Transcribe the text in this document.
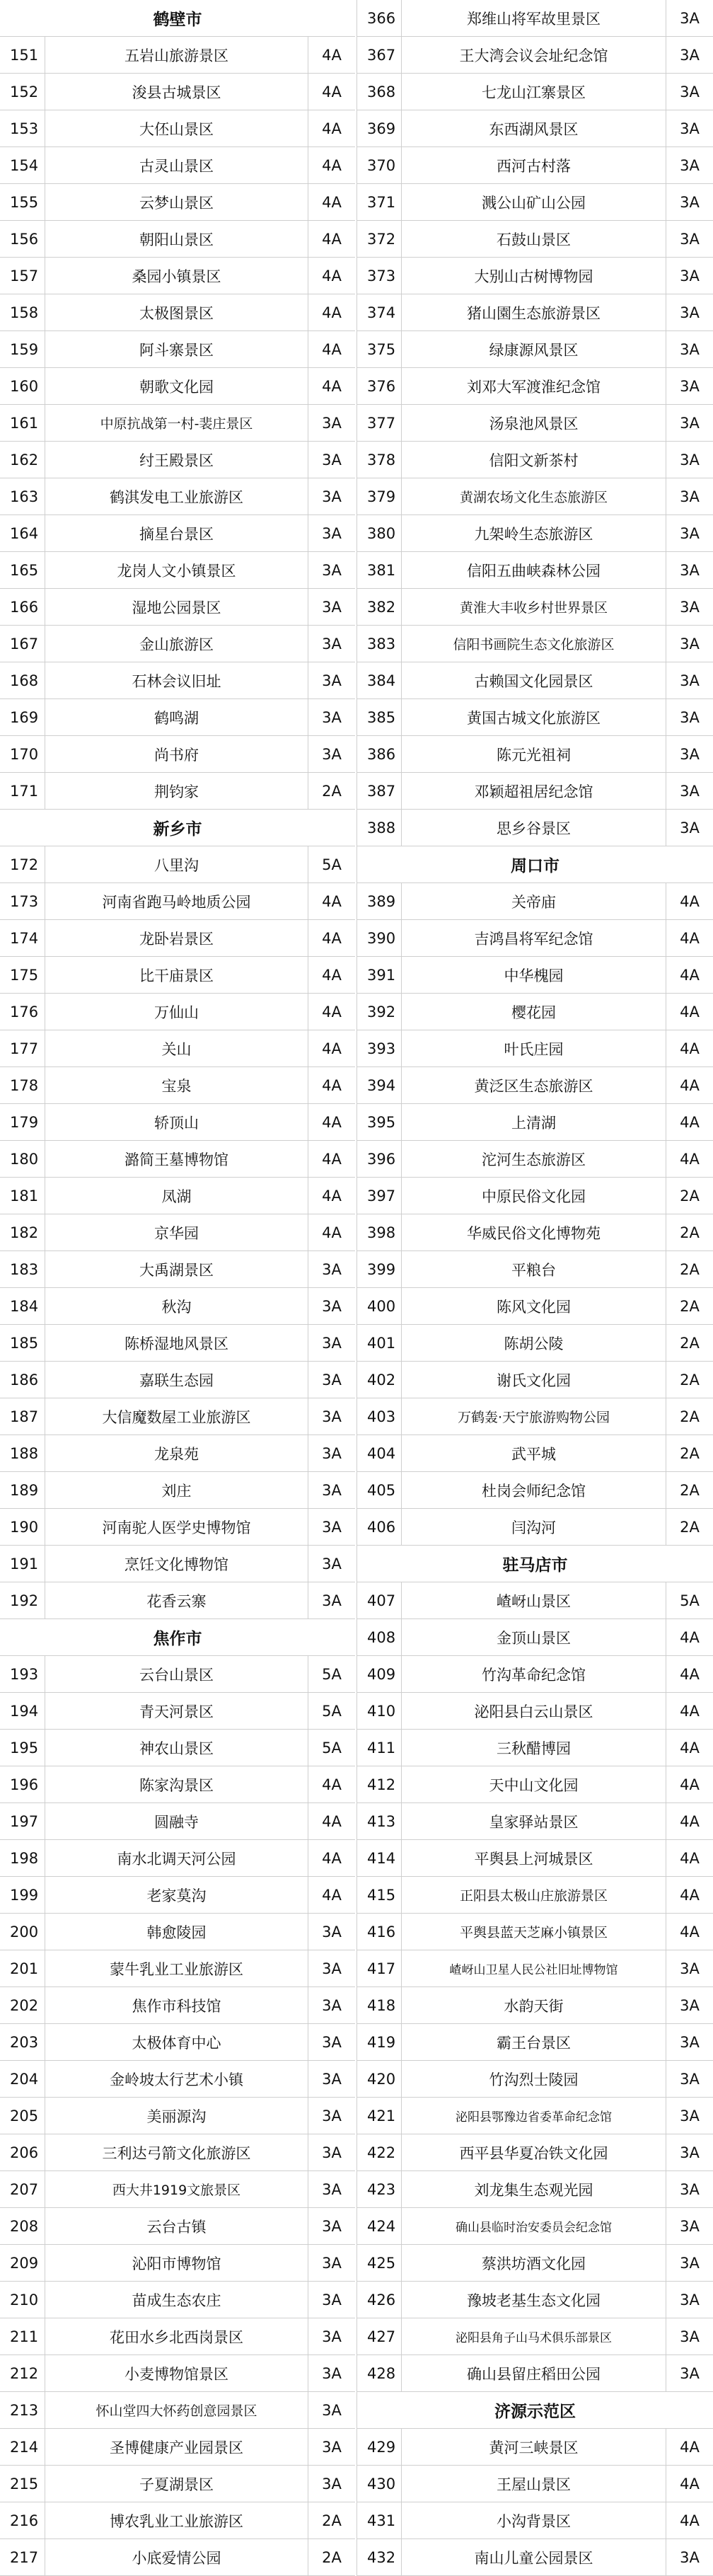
鹤壁市
151	五岩山旅游景区	4A
152	浚县古城景区	4A
153	大伾山景区	4A
154	古灵山景区	4A
155	云梦山景区	4A
156	朝阳山景区	4A
157	桑园小镇景区	4A
158	太极图景区	4A
159	阿斗寨景区	4A
160	朝歌文化园	4A
161	中原抗战第一村-裴庄景区	3A
162	纣王殿景区	3A
163	鹤淇发电工业旅游区	3A
164	摘星台景区	3A
165	龙岗人文小镇景区	3A
166	湿地公园景区	3A
167	金山旅游区	3A
168	石林会议旧址	3A
169	鹤鸣湖	3A
170	尚书府	3A
171	荆钧家	2A
新乡市
172	八里沟	5A
173	河南省跑马岭地质公园	4A
174	龙卧岩景区	4A
175	比干庙景区	4A
176	万仙山	4A
177	关山	4A
178	宝泉	4A
179	轿顶山	4A
180	潞简王墓博物馆	4A
181	凤湖	4A
182	京华园	4A
183	大禹湖景区	3A
184	秋沟	3A
185	陈桥湿地风景区	3A
186	嘉联生态园	3A
187	大信魔数屋工业旅游区	3A
188	龙泉苑	3A
189	刘庄	3A
190	河南驼人医学史博物馆	3A
191	烹饪文化博物馆	3A
192	花香云寨	3A
焦作市
193	云台山景区	5A
194	青天河景区	5A
195	神农山景区	5A
196	陈家沟景区	4A
197	圆融寺	4A
198	南水北调天河公园	4A
199	老家莫沟	4A
200	韩愈陵园	3A
201	蒙牛乳业工业旅游区	3A
202	焦作市科技馆	3A
203	太极体育中心	3A
204	金岭坡太行艺术小镇	3A
205	美丽源沟	3A
206	三利达弓箭文化旅游区	3A
207	西大井1919文旅景区	3A
208	云台古镇	3A
209	沁阳市博物馆	3A
210	苗成生态农庄	3A
211	花田水乡北西岗景区	3A
212	小麦博物馆景区	3A
213	怀山堂四大怀药创意园景区	3A
214	圣博健康产业园景区	3A
215	子夏湖景区	3A
216	博农乳业工业旅游区	2A
217	小底爱情公园	2A
366	郑维山将军故里景区	3A
367	王大湾会议会址纪念馆	3A
368	七龙山江寨景区	3A
369	东西湖风景区	3A
370	西河古村落	3A
371	溅公山矿山公园	3A
372	石鼓山景区	3A
373	大别山古树博物园	3A
374	猪山園生态旅游景区	3A
375	绿康源风景区	3A
376	刘邓大军渡淮纪念馆	3A
377	汤泉池风景区	3A
378	信阳文新茶村	3A
379	黄湖农场文化生态旅游区	3A
380	九架岭生态旅游区	3A
381	信阳五曲峡森林公园	3A
382	黄淮大丰收乡村世界景区	3A
383	信阳书画院生态文化旅游区	3A
384	古赖国文化园景区	3A
385	黄国古城文化旅游区	3A
386	陈元光祖祠	3A
387	邓颖超祖居纪念馆	3A
388	思乡谷景区	3A
周口市
389	关帝庙	4A
390	吉鸿昌将军纪念馆	4A
391	中华槐园	4A
392	樱花园	4A
393	叶氏庄园	4A
394	黄泛区生态旅游区	4A
395	上清湖	4A
396	沱河生态旅游区	4A
397	中原民俗文化园	2A
398	华威民俗文化博物苑	2A
399	平粮台	2A
400	陈风文化园	2A
401	陈胡公陵	2A
402	谢氏文化园	2A
403	万鹤轰·天宁旅游购物公园	2A
404	武平城	2A
405	杜岗会师纪念馆	2A
406	闫沟河	2A
驻马店市
407	嵖岈山景区	5A
408	金顶山景区	4A
409	竹沟革命纪念馆	4A
410	泌阳县白云山景区	4A
411	三秋醋博园	4A
412	天中山文化园	4A
413	皇家驿站景区	4A
414	平舆县上河城景区	4A
415	正阳县太极山庄旅游景区	4A
416	平舆县蓝天芝麻小镇景区	4A
417	嵖岈山卫星人民公社旧址博物馆	3A
418	水韵天街	3A
419	霸王台景区	3A
420	竹沟烈士陵园	3A
421	泌阳县鄂豫边省委革命纪念馆	3A
422	西平县华夏冶铁文化园	3A
423	刘龙集生态观光园	3A
424	确山县临时治安委员会纪念馆	3A
425	蔡洪坊酒文化园	3A
426	豫坡老基生态文化园	3A
427	泌阳县角子山马术俱乐部景区	3A
428	确山县留庄稻田公园	3A
济源示范区
429	黄河三峡景区	4A
430	王屋山景区	4A
431	小沟背景区	4A
432	南山儿童公园景区	3A
